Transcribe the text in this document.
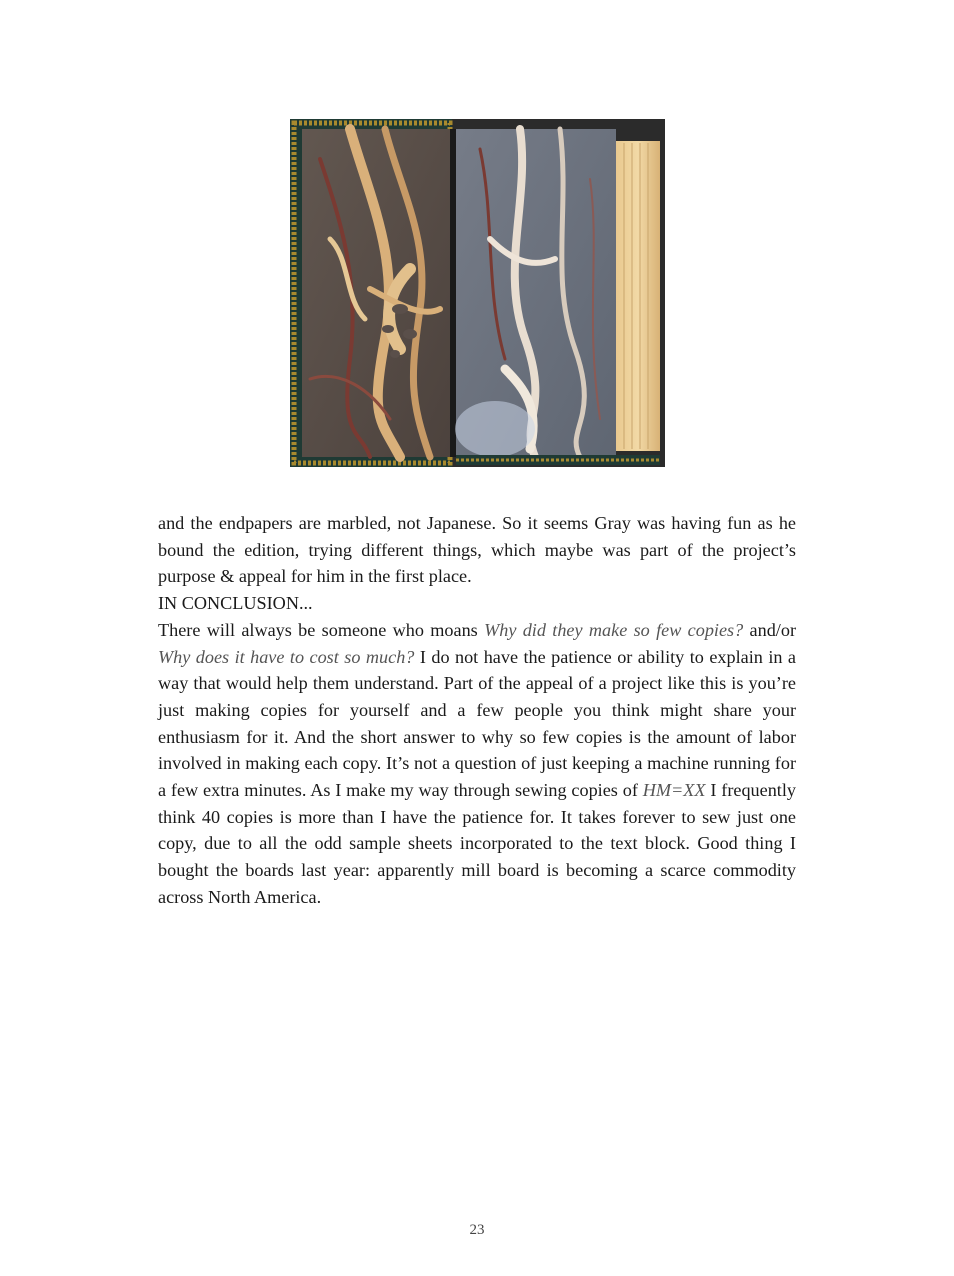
and the endpapers are marbled, not Japanese. So it seems Gray was having fun as he bound the edition, trying different things, which maybe was part of the project’s purpose & appeal for him in the first place.

IN CONCLUSION...

There will always be someone who moans Why did they make so few copies? and/or Why does it have to cost so much? I do not have the patience or ability to explain in a way that would help them understand. Part of the appeal of a project like this is you’re just making copies for yourself and a few people you think might share your enthusiasm for it. And the short answer to why so few copies is the amount of labor involved in making each copy. It’s not a question of just keeping a machine running for a few extra minutes. As I make my way through sewing copies of HM=XX I frequently think 40 copies is more than I have the patience for. It takes forever to sew just one copy, due to all the odd sample sheets incorporated to the text block. Good thing I bought the boards last year: apparently mill board is becoming a scarce commodity across North America.

23
